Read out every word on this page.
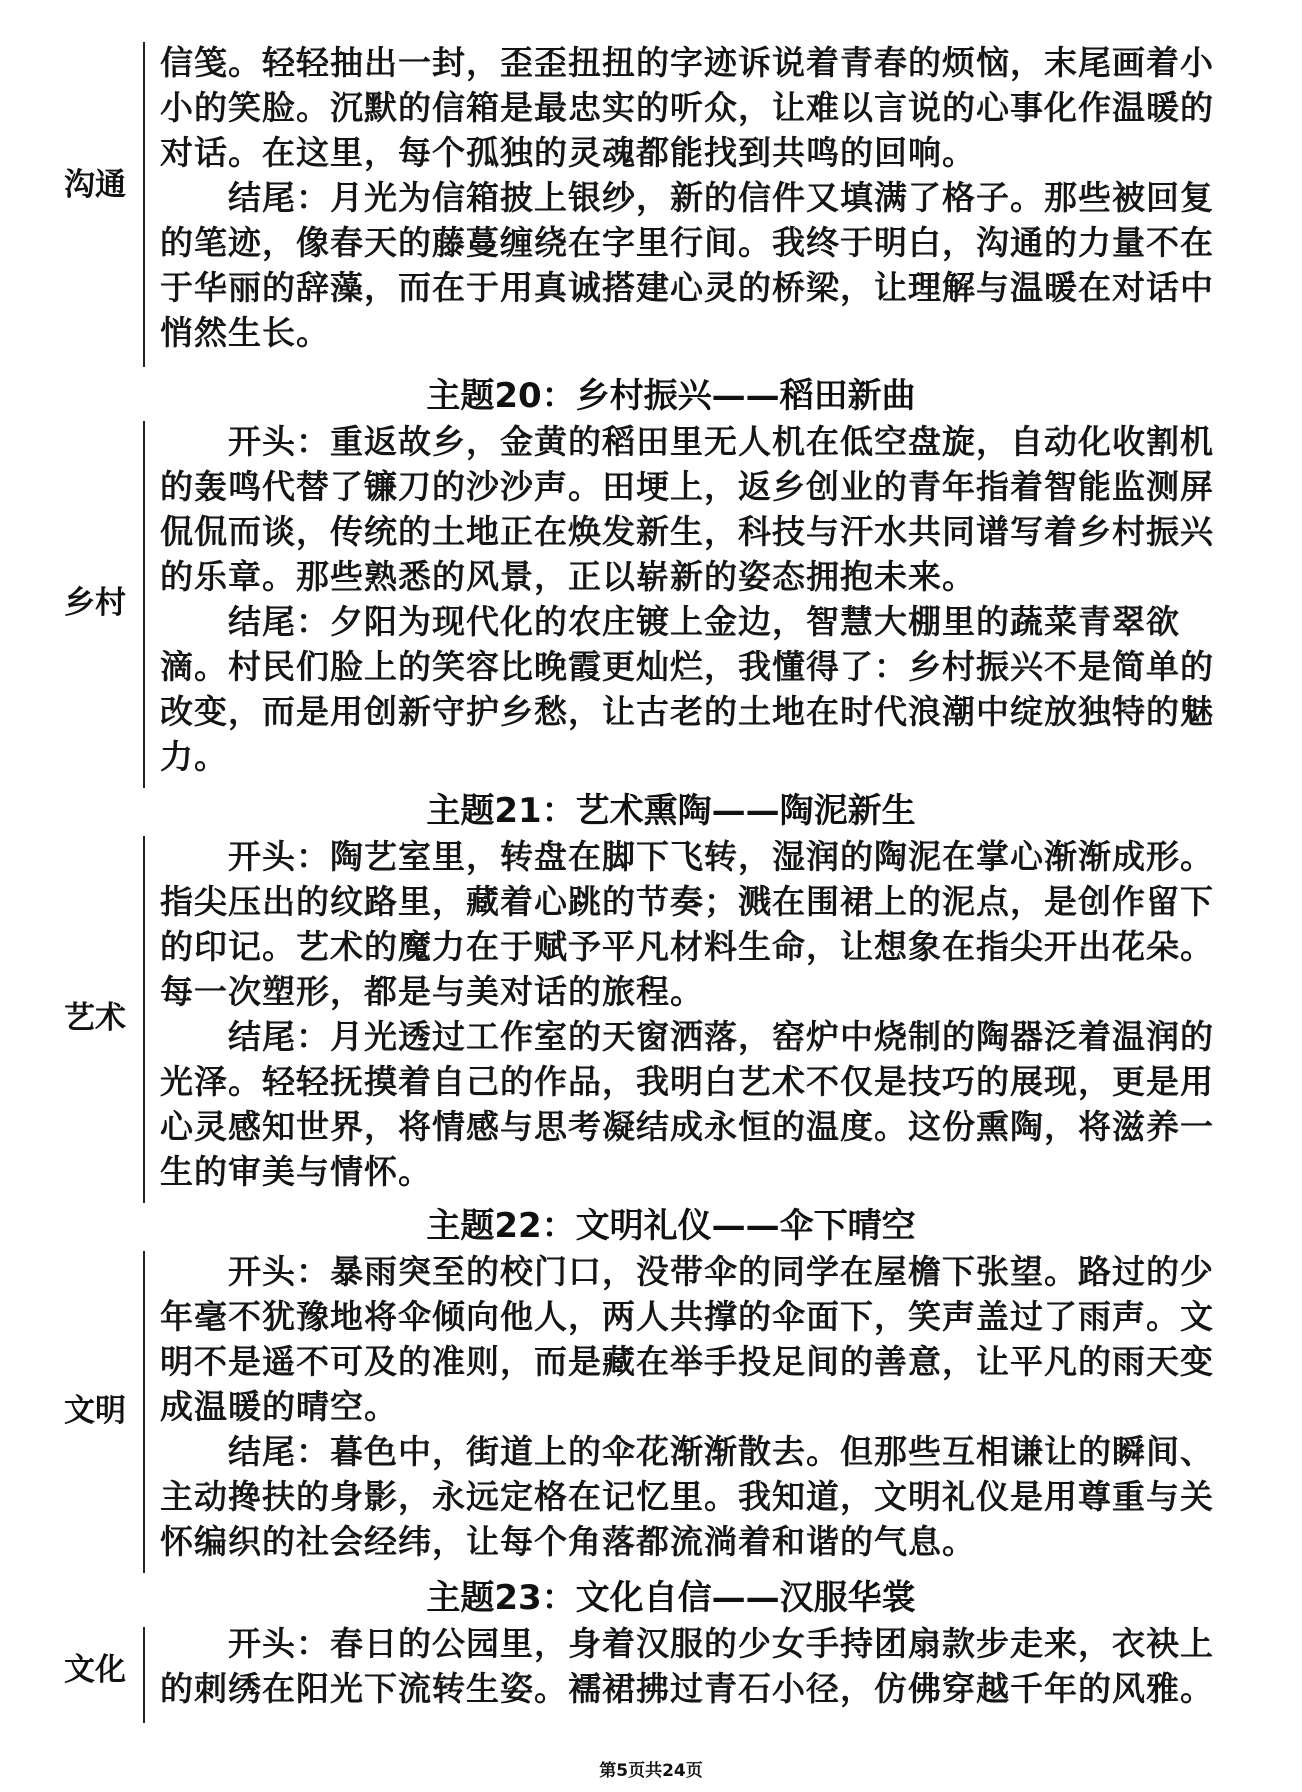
沟通
信笺。轻轻抽出一封，歪歪扭扭的字迹诉说着青春的烦恼，末尾画着小
小的笑脸。沉默的信箱是最忠实的听众，让难以言说的心事化作温暖的
对话。在这里，每个孤独的灵魂都能找到共鸣的回响。
结尾：月光为信箱披上银纱，新的信件又填满了格子。那些被回复
的笔迹，像春天的藤蔓缠绕在字里行间。我终于明白，沟通的力量不在
于华丽的辞藻，而在于用真诚搭建心灵的桥梁，让理解与温暖在对话中
悄然生长。
主题20：乡村振兴——稻田新曲
乡村
开头：重返故乡，金黄的稻田里无人机在低空盘旋，自动化收割机
的轰鸣代替了镰刀的沙沙声。田埂上，返乡创业的青年指着智能监测屏
侃侃而谈，传统的土地正在焕发新生，科技与汗水共同谱写着乡村振兴
的乐章。那些熟悉的风景，正以崭新的姿态拥抱未来。
结尾：夕阳为现代化的农庄镀上金边，智慧大棚里的蔬菜青翠欲
滴。村民们脸上的笑容比晚霞更灿烂，我懂得了：乡村振兴不是简单的
改变，而是用创新守护乡愁，让古老的土地在时代浪潮中绽放独特的魅
力。
主题21：艺术熏陶——陶泥新生
艺术
开头：陶艺室里，转盘在脚下飞转，湿润的陶泥在掌心渐渐成形。
指尖压出的纹路里，藏着心跳的节奏；溅在围裙上的泥点，是创作留下
的印记。艺术的魔力在于赋予平凡材料生命，让想象在指尖开出花朵。
每一次塑形，都是与美对话的旅程。
结尾：月光透过工作室的天窗洒落，窑炉中烧制的陶器泛着温润的
光泽。轻轻抚摸着自己的作品，我明白艺术不仅是技巧的展现，更是用
心灵感知世界，将情感与思考凝结成永恒的温度。这份熏陶，将滋养一
生的审美与情怀。
主题22：文明礼仪——伞下晴空
文明
开头：暴雨突至的校门口，没带伞的同学在屋檐下张望。路过的少
年毫不犹豫地将伞倾向他人，两人共撑的伞面下，笑声盖过了雨声。文
明不是遥不可及的准则，而是藏在举手投足间的善意，让平凡的雨天变
成温暖的晴空。
结尾：暮色中，街道上的伞花渐渐散去。但那些互相谦让的瞬间、
主动搀扶的身影，永远定格在记忆里。我知道，文明礼仪是用尊重与关
怀编织的社会经纬，让每个角落都流淌着和谐的气息。
主题23：文化自信——汉服华裳
文化
开头：春日的公园里，身着汉服的少女手持团扇款步走来，衣袂上
的刺绣在阳光下流转生姿。襦裙拂过青石小径，仿佛穿越千年的风雅。
第5页共24页
